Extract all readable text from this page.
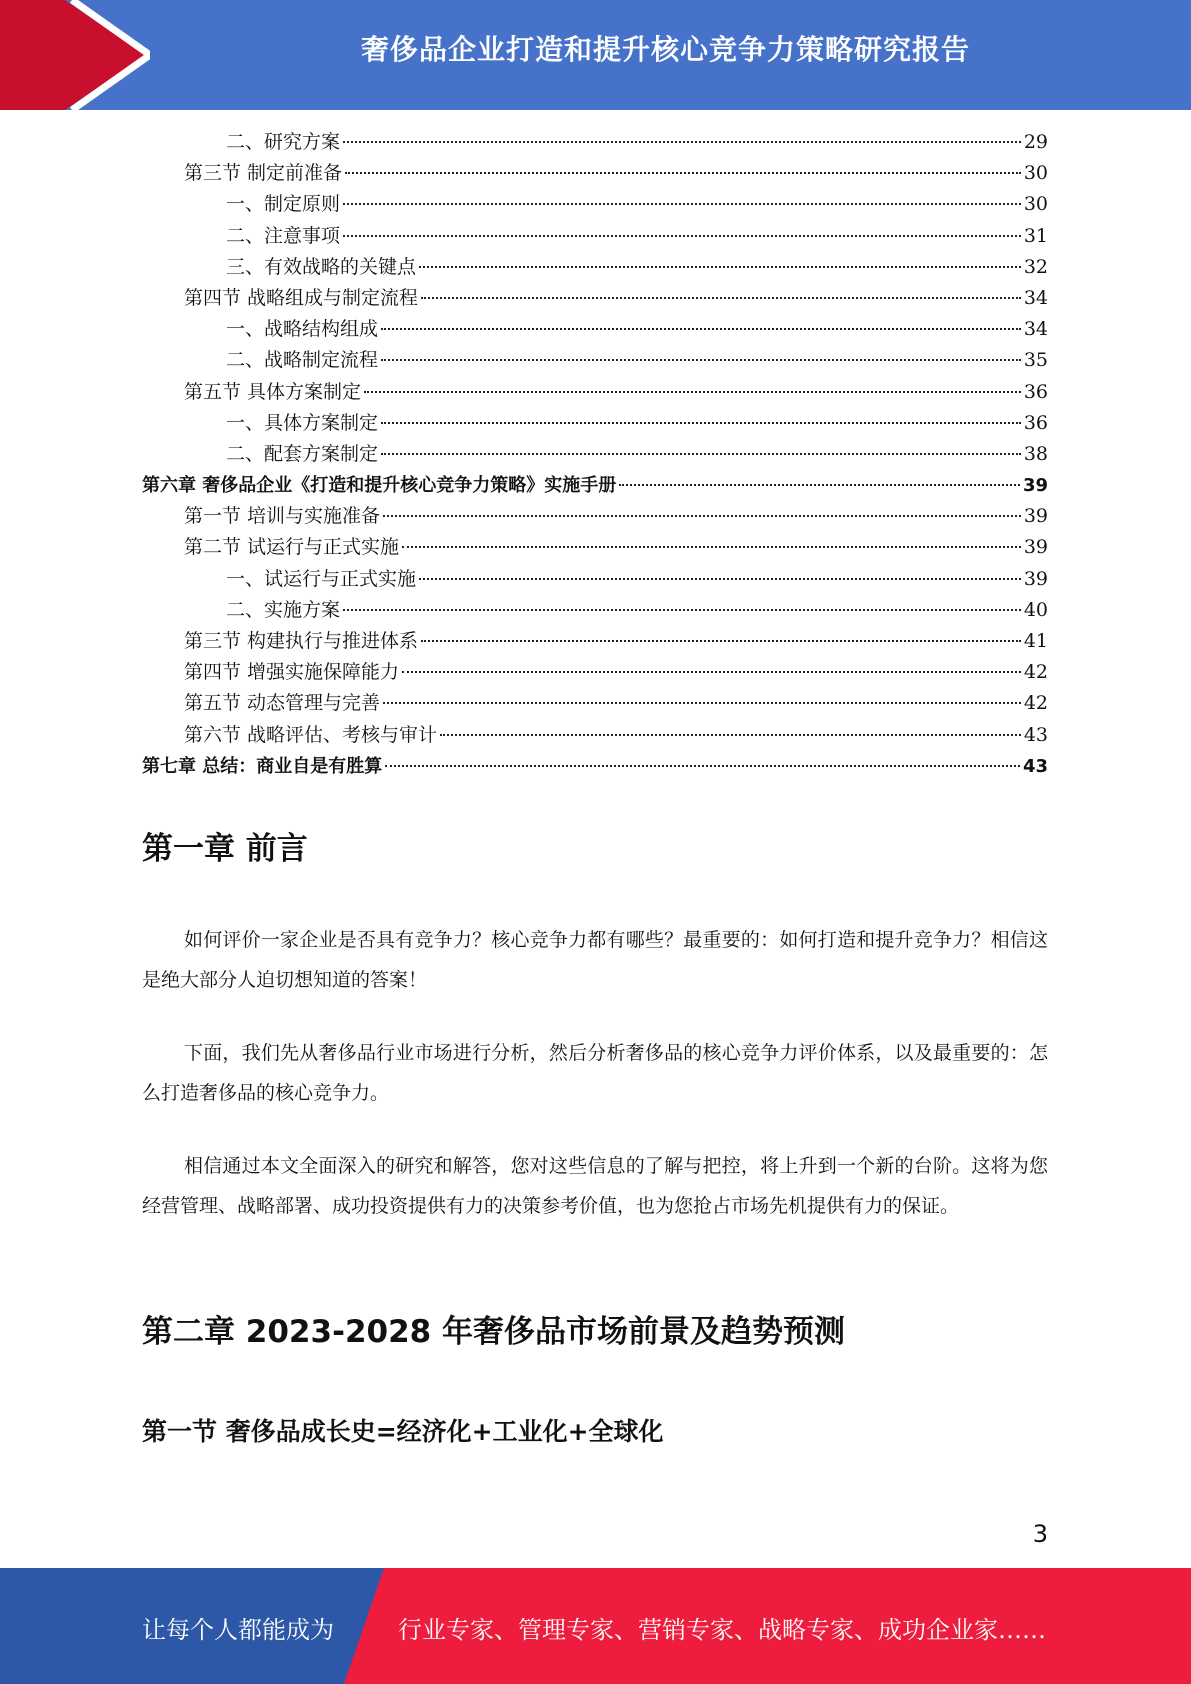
奢侈品企业打造和提升核心竞争力策略研究报告
二、研究方案	29
第三节 制定前准备	30
一、制定原则	30
二、注意事项	31
三、有效战略的关键点	32
第四节 战略组成与制定流程	34
一、战略结构组成	34
二、战略制定流程	35
第五节 具体方案制定	36
一、具体方案制定	36
二、配套方案制定	38
第六章 奢侈品企业《打造和提升核心竞争力策略》实施手册	39
第一节 培训与实施准备	39
第二节 试运行与正式实施	39
一、试运行与正式实施	39
二、实施方案	40
第三节 构建执行与推进体系	41
第四节 增强实施保障能力	42
第五节 动态管理与完善	42
第六节 战略评估、考核与审计	43
第七章 总结：商业自是有胜算	43
第一章 前言

如何评价一家企业是否具有竞争力？核心竞争力都有哪些？最重要的：如何打造和提升竞争力？相信这是绝大部分人迫切想知道的答案！

下面，我们先从奢侈品行业市场进行分析，然后分析奢侈品的核心竞争力评价体系，以及最重要的：怎么打造奢侈品的核心竞争力。

相信通过本文全面深入的研究和解答，您对这些信息的了解与把控，将上升到一个新的台阶。这将为您经营管理、战略部署、成功投资提供有力的决策参考价值，也为您抢占市场先机提供有力的保证。

第二章 2023-2028 年奢侈品市场前景及趋势预测
第一节 奢侈品成长史=经济化+工业化+全球化
3
让每个人都能成为	行业专家、管理专家、营销专家、战略专家、成功企业家……
